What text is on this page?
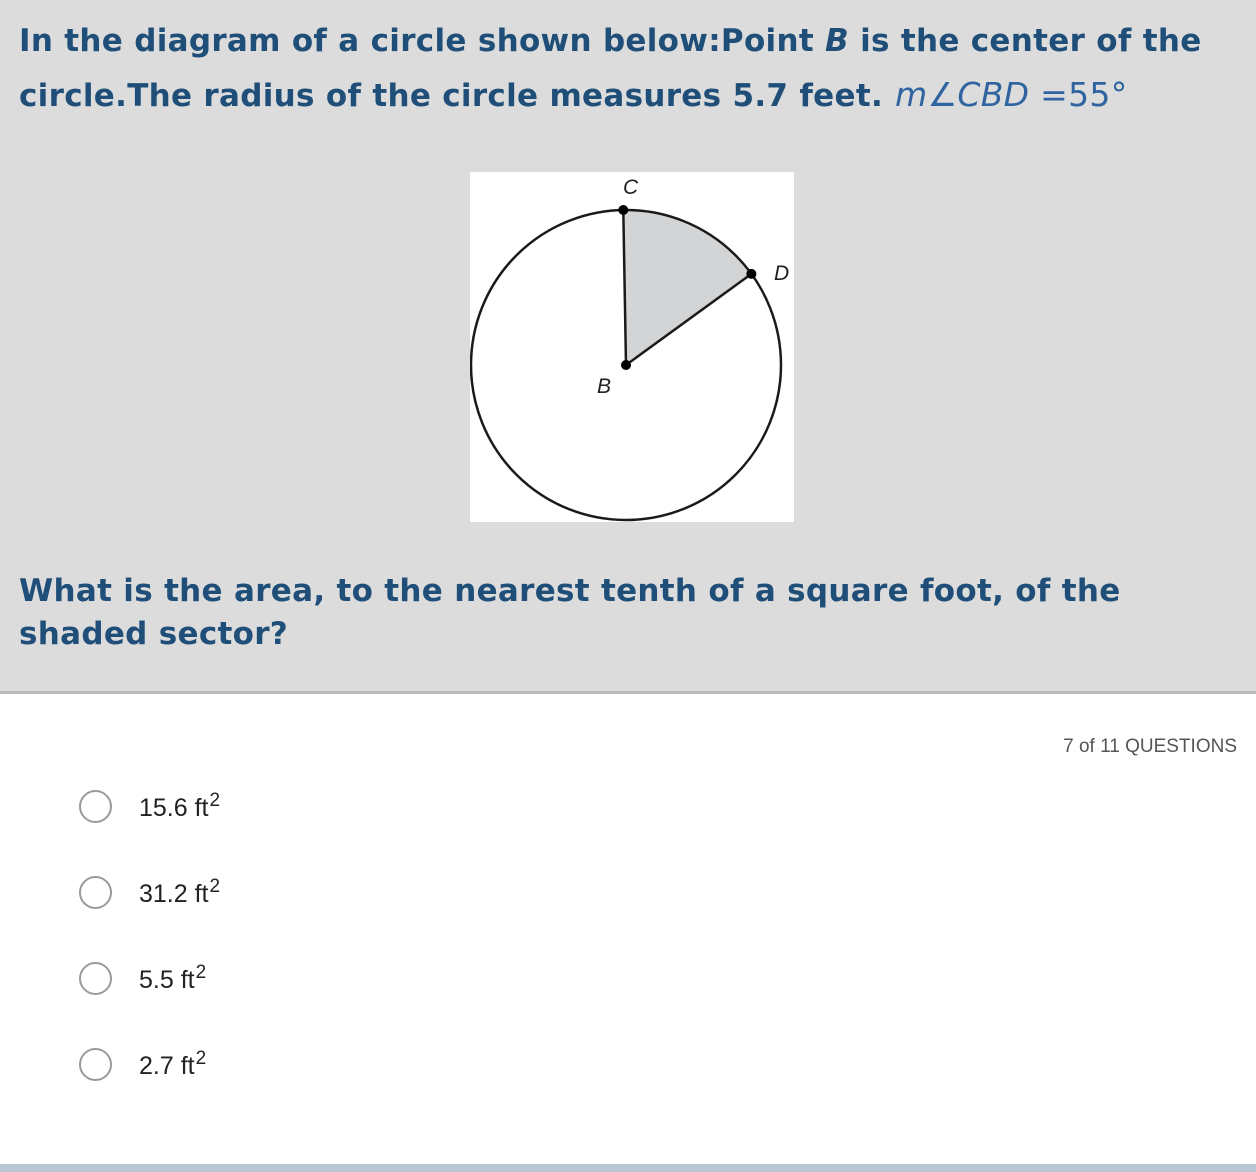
In the diagram of a circle shown below:Point B is the center of the circle.The radius of the circle measures 5.7 feet. m∠CBD =55°
C
D
B
What is the area, to the nearest tenth of a square foot, of the shaded sector?
7 of 11 QUESTIONS
15.6 $ft^2$
31.2 $ft^2$
5.5 $ft^2$
2.7 $ft^2$
